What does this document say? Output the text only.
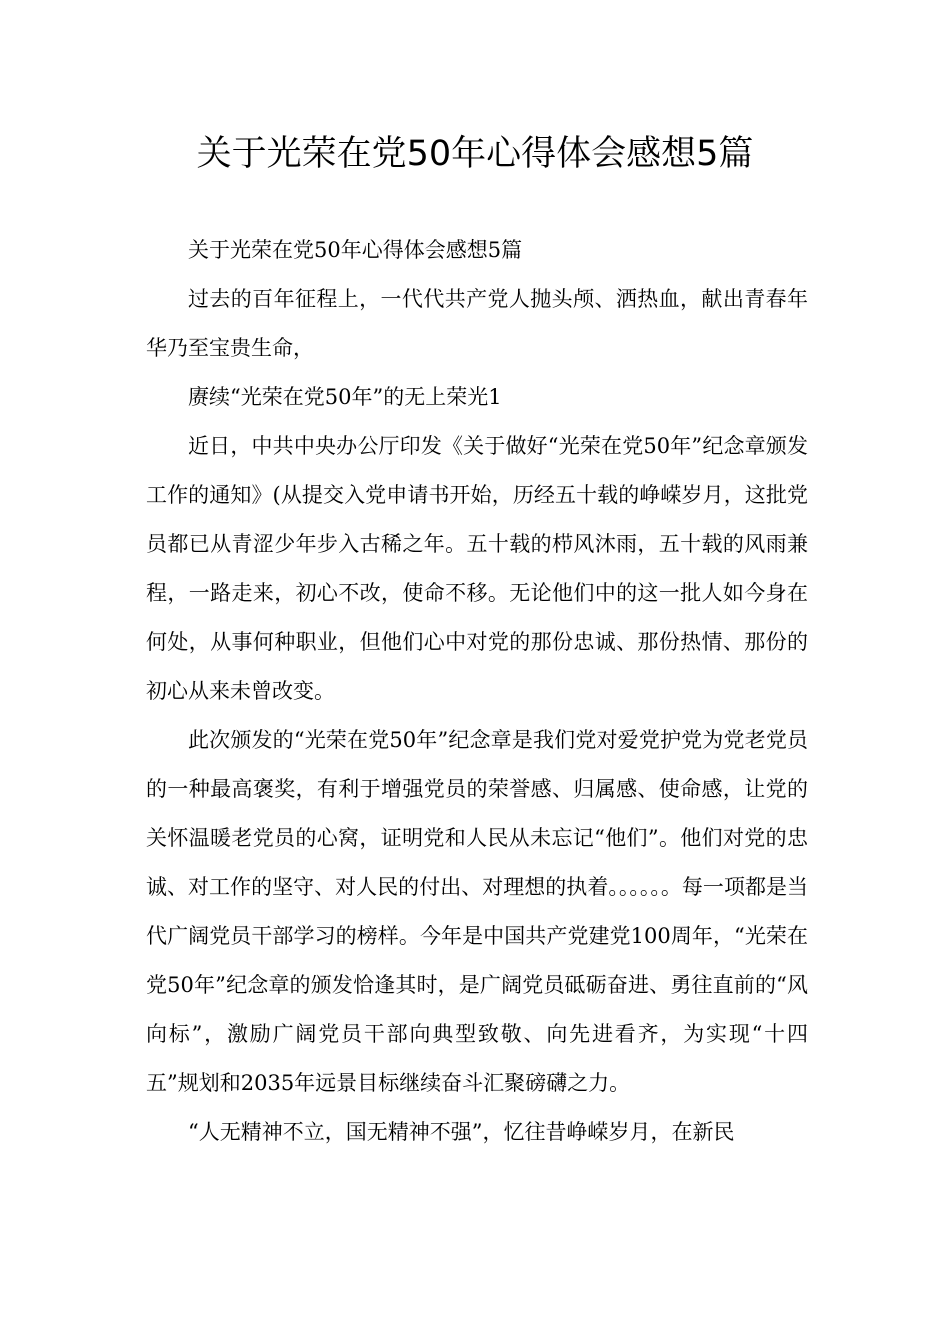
关于光荣在党50年心得体会感想5篇

关于光荣在党50年心得体会感想5篇

过去的百年征程上，一代代共产党人抛头颅、洒热血，献出青春年华乃至宝贵生命，

赓续“光荣在党50年”的无上荣光1

近日，中共中央办公厅印发《关于做好“光荣在党50年”纪念章颁发工作的通知》(从提交入党申请书开始，历经五十载的峥嵘岁月，这批党员都已从青涩少年步入古稀之年。五十载的栉风沐雨，五十载的风雨兼程，一路走来，初心不改，使命不移。无论他们中的这一批人如今身在何处，从事何种职业，但他们心中对党的那份忠诚、那份热情、那份的初心从来未曾改变。

此次颁发的“光荣在党50年”纪念章是我们党对爱党护党为党老党员的一种最高褒奖，有利于增强党员的荣誉感、归属感、使命感，让党的关怀温暖老党员的心窝，证明党和人民从未忘记“他们”。他们对党的忠诚、对工作的坚守、对人民的付出、对理想的执着。。。。。。每一项都是当代广阔党员干部学习的榜样。今年是中国共产党建党100周年，“光荣在党50年”纪念章的颁发恰逢其时，是广阔党员砥砺奋进、勇往直前的“风向标”，激励广阔党员干部向典型致敬、向先进看齐，为实现“十四五”规划和2035年远景目标继续奋斗汇聚磅礴之力。

“人无精神不立，国无精神不强”，忆往昔峥嵘岁月，在新民
